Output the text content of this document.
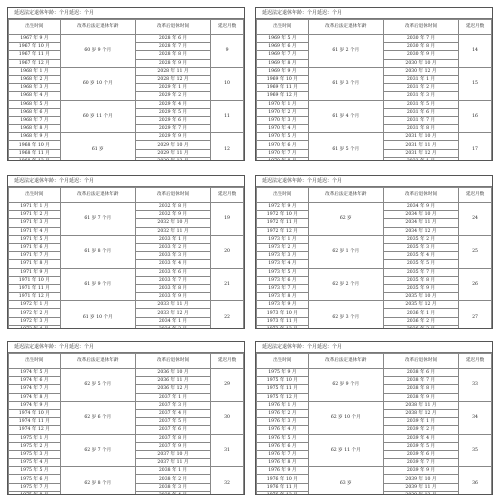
延迟法定退休年龄：个月延迟：个月
出生时间	改革后法定退休年龄	改革后退休时间	延迟月数
1967 年 9 月	60 岁 9 个月	2028 年 6 月	9
1967 年 10 月		2028 年 7 月	
1967 年 11 月		2028 年 8 月	
1967 年 12 月		2028 年 9 月	
1968 年 1 月	60 岁 10 个月	2028 年 11 月	10
1968 年 2 月		2028 年 12 月	
1968 年 3 月		2029 年 1 月	
1968 年 4 月		2029 年 2 月	
1968 年 5 月	60 岁 11 个月	2029 年 4 月	11
1968 年 6 月		2029 年 5 月	
1968 年 7 月		2029 年 6 月	
1968 年 8 月		2029 年 7 月	
1968 年 9 月	61 岁	2029 年 9 月	12
1968 年 10 月		2029 年 10 月	
1968 年 11 月		2029 年 11 月	

延迟法定退休年龄：个月延迟：个月
出生时间	改革后法定退休年龄	改革后退休时间	延迟月数
1969 年 5 月	61 岁 2 个月	2030 年 7 月	14
1969 年 6 月		2030 年 8 月	
1969 年 7 月		2030 年 9 月	
1969 年 8 月		2030 年 10 月	
1969 年 9 月	61 岁 3 个月	2030 年 12 月	15
1969 年 10 月		2031 年 1 月	
1969 年 11 月		2031 年 2 月	
1969 年 12 月		2031 年 3 月	
1970 年 1 月	61 岁 4 个月	2031 年 5 月	16
1970 年 2 月		2031 年 6 月	
1970 年 3 月		2031 年 7 月	
1970 年 4 月		2031 年 8 月	
1970 年 5 月	61 岁 5 个月	2031 年 10 月	17
1970 年 6 月		2031 年 11 月	
1970 年 7 月		2031 年 12 月	

延迟法定退休年龄：个月延迟：个月
出生时间	改革后法定退休年龄	改革后退休时间	延迟月数
1971 年 1 月	61 岁 7 个月	2032 年 8 月	19
1971 年 2 月		2032 年 9 月	
1971 年 3 月		2032 年 10 月	
1971 年 4 月		2032 年 11 月	
1971 年 5 月	61 岁 8 个月	2033 年 1 月	20
1971 年 6 月		2033 年 2 月	
1971 年 7 月		2033 年 3 月	
1971 年 8 月		2033 年 4 月	
1971 年 9 月	61 岁 9 个月	2033 年 6 月	21
1971 年 10 月		2033 年 7 月	
1971 年 11 月		2033 年 8 月	
1971 年 12 月		2033 年 9 月	
1972 年 1 月	61 岁 10 个月	2033 年 11 月	22
1972 年 2 月		2033 年 12 月	
1972 年 3 月		2034 年 1 月	

延迟法定退休年龄：个月延迟：个月
出生时间	改革后法定退休年龄	改革后退休时间	延迟月数
1972 年 9 月	62 岁	2034 年 9 月	24
1972 年 10 月		2034 年 10 月	
1972 年 11 月		2034 年 11 月	
1972 年 12 月		2034 年 12 月	
1973 年 1 月	62 岁 1 个月	2035 年 2 月	25
1973 年 2 月		2035 年 3 月	
1973 年 3 月		2035 年 4 月	
1973 年 4 月		2035 年 5 月	
1973 年 5 月	62 岁 2 个月	2035 年 7 月	26
1973 年 6 月		2035 年 8 月	
1973 年 7 月		2035 年 9 月	
1973 年 8 月		2035 年 10 月	
1973 年 9 月	62 岁 3 个月	2035 年 12 月	27
1973 年 10 月		2036 年 1 月	
1973 年 11 月		2036 年 2 月	

延迟法定退休年龄：个月延迟：个月
出生时间	改革后法定退休年龄	改革后退休时间	延迟月数
1974 年 5 月	62 岁 5 个月	2036 年 10 月	29
1974 年 6 月		2036 年 11 月	
1974 年 7 月		2036 年 12 月	
1974 年 8 月		2037 年 1 月	
1974 年 9 月	62 岁 6 个月	2037 年 3 月	30
1974 年 10 月		2037 年 4 月	
1974 年 11 月		2037 年 5 月	
1974 年 12 月		2037 年 6 月	
1975 年 1 月	62 岁 7 个月	2037 年 8 月	31
1975 年 2 月		2037 年 9 月	
1975 年 3 月		2037 年 10 月	
1975 年 4 月		2037 年 11 月	
1975 年 5 月	62 岁 8 个月	2038 年 1 月	32
1975 年 6 月		2038 年 2 月	
1975 年 7 月		2038 年 3 月	

延迟法定退休年龄：个月延迟：个月
出生时间	改革后法定退休年龄	改革后退休时间	延迟月数
1975 年 9 月	62 岁 9 个月	2038 年 6 月	33
1975 年 10 月		2038 年 7 月	
1975 年 11 月		2038 年 8 月	
1975 年 12 月		2038 年 9 月	
1976 年 1 月	62 岁 10 个月	2038 年 11 月	34
1976 年 2 月		2038 年 12 月	
1976 年 3 月		2039 年 1 月	
1976 年 4 月		2039 年 2 月	
1976 年 5 月	62 岁 11 个月	2039 年 4 月	35
1976 年 6 月		2039 年 5 月	
1976 年 7 月		2039 年 6 月	
1976 年 8 月		2039 年 7 月	
1976 年 9 月	63 岁	2039 年 9 月	36
1976 年 10 月		2039 年 10 月	
1976 年 11 月		2039 年 11 月	
